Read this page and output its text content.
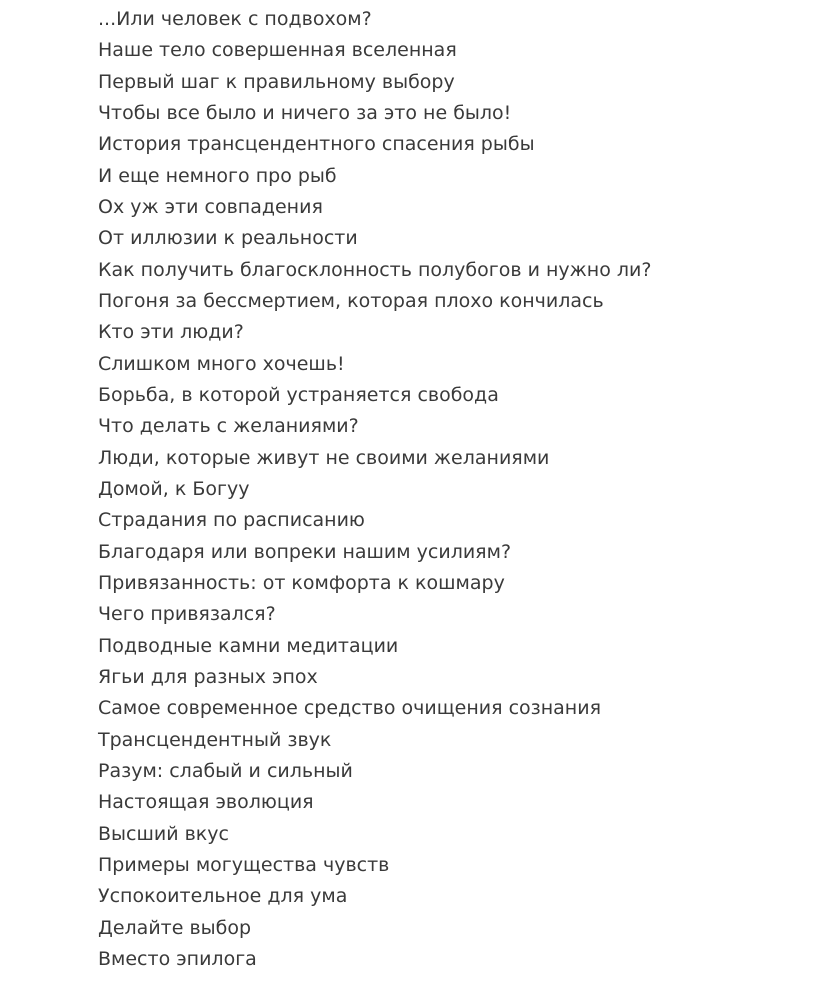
...Или человек с подвохом?
Наше тело совершенная вселенная
Первый шаг к правильному выбору
Чтобы все было и ничего за это не было!
История трансцендентного спасения рыбы
И еще немного про рыб
Ох уж эти совпадения
От иллюзии к реальности
Как получить благосклонность полубогов и нужно ли?
Погоня за бессмертием, которая плохо кончилась
Кто эти люди?
Слишком много хочешь!
Борьба, в которой устраняется свобода
Что делать с желаниями?
Люди, которые живут не своими желаниями
Домой, к Богуу
Страдания по расписанию
Благодаря или вопреки нашим усилиям?
Привязанность: от комфорта к кошмару
Чего привязался?
Подводные камни медитации
Ягьи для разных эпох
Самое современное средство очищения сознания
Трансцендентный звук
Разум: слабый и сильный
Настоящая эволюция
Высший вкус
Примеры могущества чувств
Успокоительное для ума
Делайте выбор
Вместо эпилога
